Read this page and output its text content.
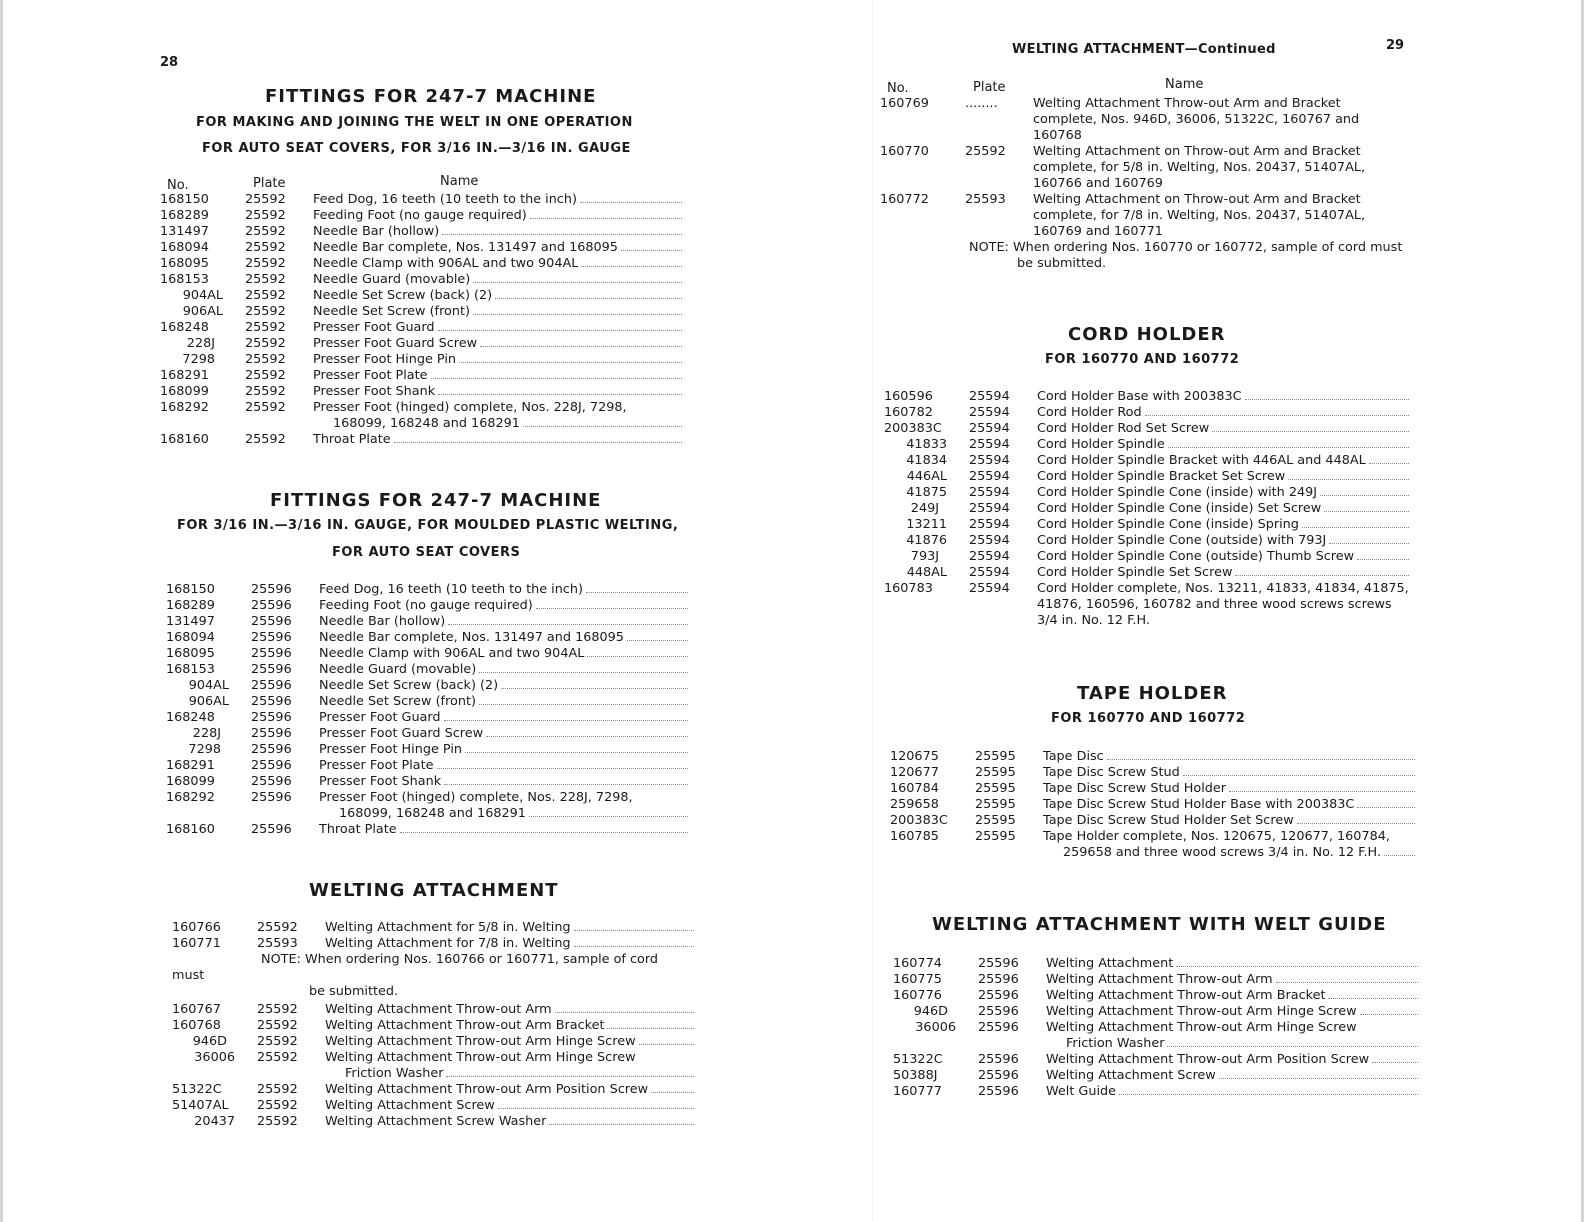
28
FITTINGS FOR 247-7 MACHINE
FOR MAKING AND JOINING THE WELT IN ONE OPERATION
FOR AUTO SEAT COVERS, FOR 3/16 IN.—3/16 IN. GAUGE
No.	Plate	Name
168150	25592	Feed Dog, 16 teeth (10 teeth to the inch)
168289	25592	Feeding Foot (no gauge required)
131497	25592	Needle Bar (hollow)
168094	25592	Needle Bar complete, Nos. 131497 and 168095
168095	25592	Needle Clamp with 906AL and two 904AL
168153	25592	Needle Guard (movable)
904AL	25592	Needle Set Screw (back) (2)
906AL	25592	Needle Set Screw (front)
168248	25592	Presser Foot Guard
228J	25592	Presser Foot Guard Screw
7298	25592	Presser Foot Hinge Pin
168291	25592	Presser Foot Plate
168099	25592	Presser Foot Shank
168292	25592	Presser Foot (hinged) complete, Nos. 228J, 7298,
168099, 168248 and 168291
168160	25592	Throat Plate
FITTINGS FOR 247-7 MACHINE
FOR 3/16 IN.—3/16 IN. GAUGE, FOR MOULDED PLASTIC WELTING,
FOR AUTO SEAT COVERS
168150	25596	Feed Dog, 16 teeth (10 teeth to the inch)
168289	25596	Feeding Foot (no gauge required)
131497	25596	Needle Bar (hollow)
168094	25596	Needle Bar complete, Nos. 131497 and 168095
168095	25596	Needle Clamp with 906AL and two 904AL
168153	25596	Needle Guard (movable)
904AL	25596	Needle Set Screw (back) (2)
906AL	25596	Needle Set Screw (front)
168248	25596	Presser Foot Guard
228J	25596	Presser Foot Guard Screw
7298	25596	Presser Foot Hinge Pin
168291	25596	Presser Foot Plate
168099	25596	Presser Foot Shank
168292	25596	Presser Foot (hinged) complete, Nos. 228J, 7298,
168099, 168248 and 168291
168160	25596	Throat Plate
WELTING ATTACHMENT
160766	25592	Welting Attachment for 5/8 in. Welting
160771	25593	Welting Attachment for 7/8 in. Welting
NOTE: When ordering Nos. 160766 or 160771, sample of cord must
be submitted.
160767	25592	Welting Attachment Throw-out Arm
160768	25592	Welting Attachment Throw-out Arm Bracket
946D	25592	Welting Attachment Throw-out Arm Hinge Screw
36006	25592	Welting Attachment Throw-out Arm Hinge Screw
Friction Washer
51322C	25592	Welting Attachment Throw-out Arm Position Screw
51407AL	25592	Welting Attachment Screw
20437	25592	Welting Attachment Screw Washer
WELTING ATTACHMENT—Continued	29
No.	Plate	Name
160769	........	Welting Attachment Throw-out Arm and Bracket complete, Nos. 946D, 36006, 51322C, 160767 and 160768
160770	25592	Welting Attachment on Throw-out Arm and Bracket complete, for 5/8 in. Welting, Nos. 20437, 51407AL, 160766 and 160769
160772	25593	Welting Attachment on Throw-out Arm and Bracket complete, for 7/8 in. Welting, Nos. 20437, 51407AL, 160769 and 160771
NOTE: When ordering Nos. 160770 or 160772, sample of cord must
be submitted.
CORD HOLDER
FOR 160770 AND 160772
160596	25594	Cord Holder Base with 200383C
160782	25594	Cord Holder Rod
200383C	25594	Cord Holder Rod Set Screw
41833	25594	Cord Holder Spindle
41834	25594	Cord Holder Spindle Bracket with 446AL and 448AL
446AL	25594	Cord Holder Spindle Bracket Set Screw
41875	25594	Cord Holder Spindle Cone (inside) with 249J
249J	25594	Cord Holder Spindle Cone (inside) Set Screw
13211	25594	Cord Holder Spindle Cone (inside) Spring
41876	25594	Cord Holder Spindle Cone (outside) with 793J
793J	25594	Cord Holder Spindle Cone (outside) Thumb Screw
448AL	25594	Cord Holder Spindle Set Screw
160783	25594	Cord Holder complete, Nos. 13211, 41833, 41834, 41875, 41876, 160596, 160782 and three wood screws screws 3/4 in. No. 12 F.H.
TAPE HOLDER
FOR 160770 AND 160772
120675	25595	Tape Disc
120677	25595	Tape Disc Screw Stud
160784	25595	Tape Disc Screw Stud Holder
259658	25595	Tape Disc Screw Stud Holder Base with 200383C
200383C	25595	Tape Disc Screw Stud Holder Set Screw
160785	25595	Tape Holder complete, Nos. 120675, 120677, 160784,
259658 and three wood screws 3/4 in. No. 12 F.H.
WELTING ATTACHMENT WITH WELT GUIDE
160774	25596	Welting Attachment
160775	25596	Welting Attachment Throw-out Arm
160776	25596	Welting Attachment Throw-out Arm Bracket
946D	25596	Welting Attachment Throw-out Arm Hinge Screw
36006	25596	Welting Attachment Throw-out Arm Hinge Screw
Friction Washer
51322C	25596	Welting Attachment Throw-out Arm Position Screw
50388J	25596	Welting Attachment Screw
160777	25596	Welt Guide
